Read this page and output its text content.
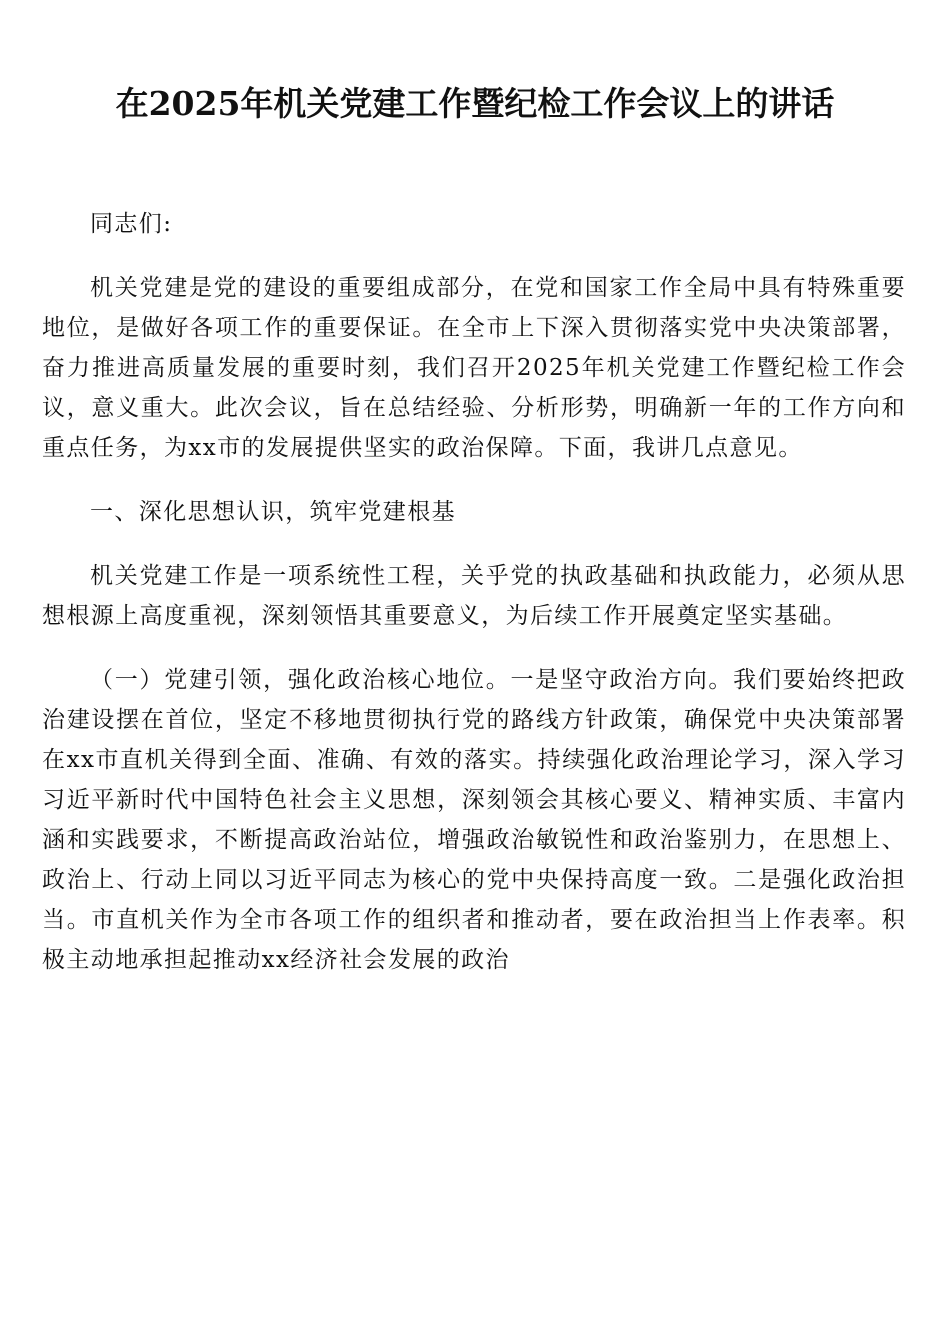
在2025年机关党建工作暨纪检工作会议上的讲话

同志们:

机关党建是党的建设的重要组成部分，在党和国家工作全局中具有特殊重要地位，是做好各项工作的重要保证。在全市上下深入贯彻落实党中央决策部署，奋力推进高质量发展的重要时刻，我们召开2025年机关党建工作暨纪检工作会议，意义重大。此次会议，旨在总结经验、分析形势，明确新一年的工作方向和重点任务，为xx市的发展提供坚实的政治保障。下面，我讲几点意见。

一、深化思想认识，筑牢党建根基

机关党建工作是一项系统性工程，关乎党的执政基础和执政能力，必须从思想根源上高度重视，深刻领悟其重要意义，为后续工作开展奠定坚实基础。

（一）党建引领，强化政治核心地位。一是坚守政治方向。我们要始终把政治建设摆在首位，坚定不移地贯彻执行党的路线方针政策，确保党中央决策部署在xx市直机关得到全面、准确、有效的落实。持续强化政治理论学习，深入学习习近平新时代中国特色社会主义思想，深刻领会其核心要义、精神实质、丰富内涵和实践要求，不断提高政治站位，增强政治敏锐性和政治鉴别力，在思想上、政治上、行动上同以习近平同志为核心的党中央保持高度一致。二是强化政治担当。市直机关作为全市各项工作的组织者和推动者，要在政治担当上作表率。积极主动地承担起推动xx经济社会发展的政治
